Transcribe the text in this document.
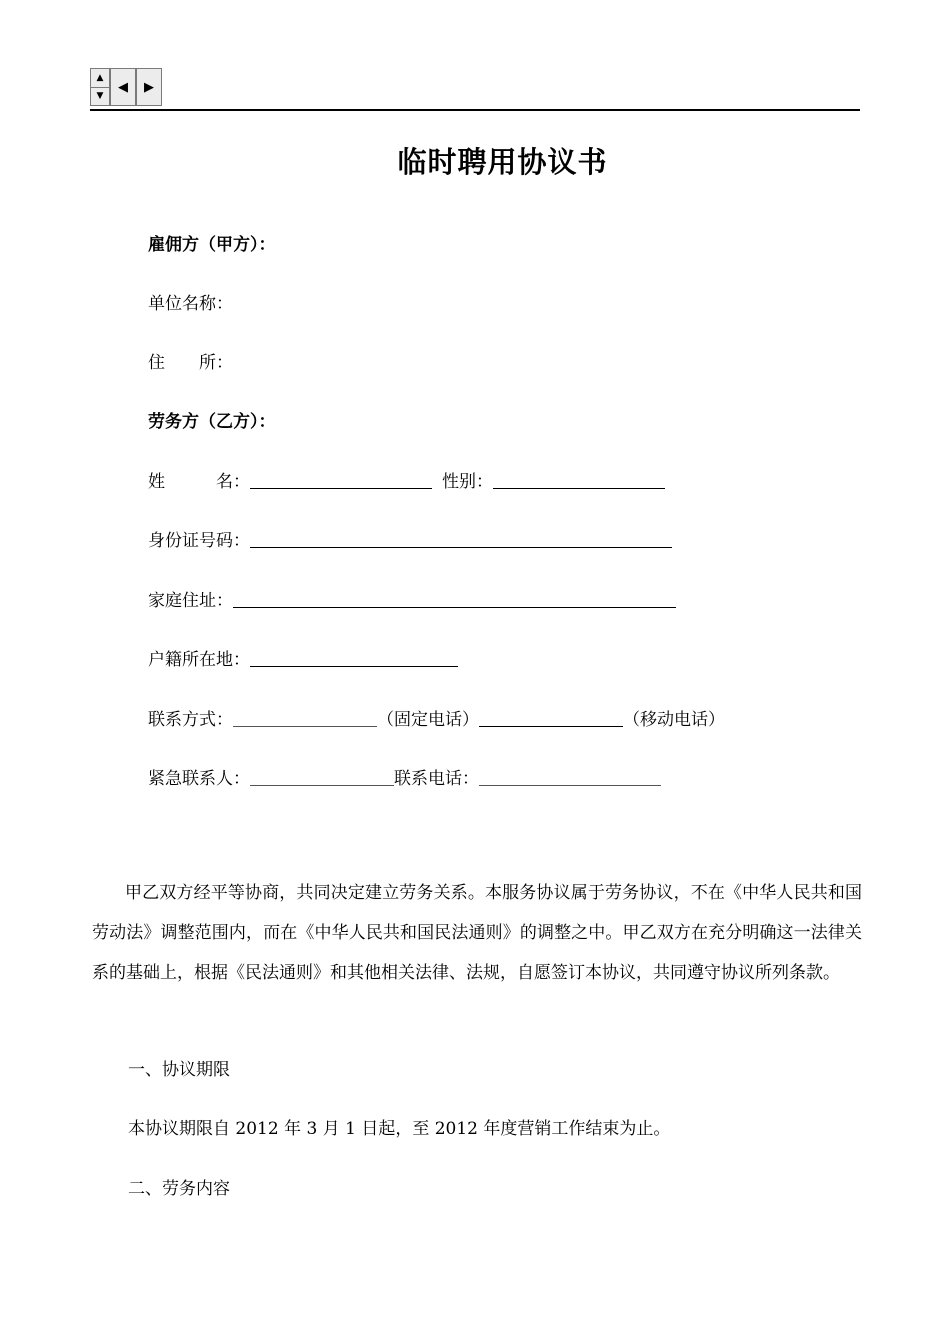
▲
▼
◀ ▶
临时聘用协议书
雇佣方（甲方）：
单位名称：
住　　所：
劳务方（乙方）：
姓　　　名：	性别：
身份证号码：
家庭住址：
户籍所在地：
联系方式：	（固定电话）	（移动电话）
紧急联系人：	联系电话：
甲乙双方经平等协商，共同决定建立劳务关系。本服务协议属于劳务协议，不在《中华人民共和国劳动法》调整范围内，而在《中华人民共和国民法通则》的调整之中。甲乙双方在充分明确这一法律关系的基础上，根据《民法通则》和其他相关法律、法规，自愿签订本协议，共同遵守协议所列条款。
一、协议期限
本协议期限自 2012 年 3 月 1 日起，至 2012 年度营销工作结束为止。
二、劳务内容
